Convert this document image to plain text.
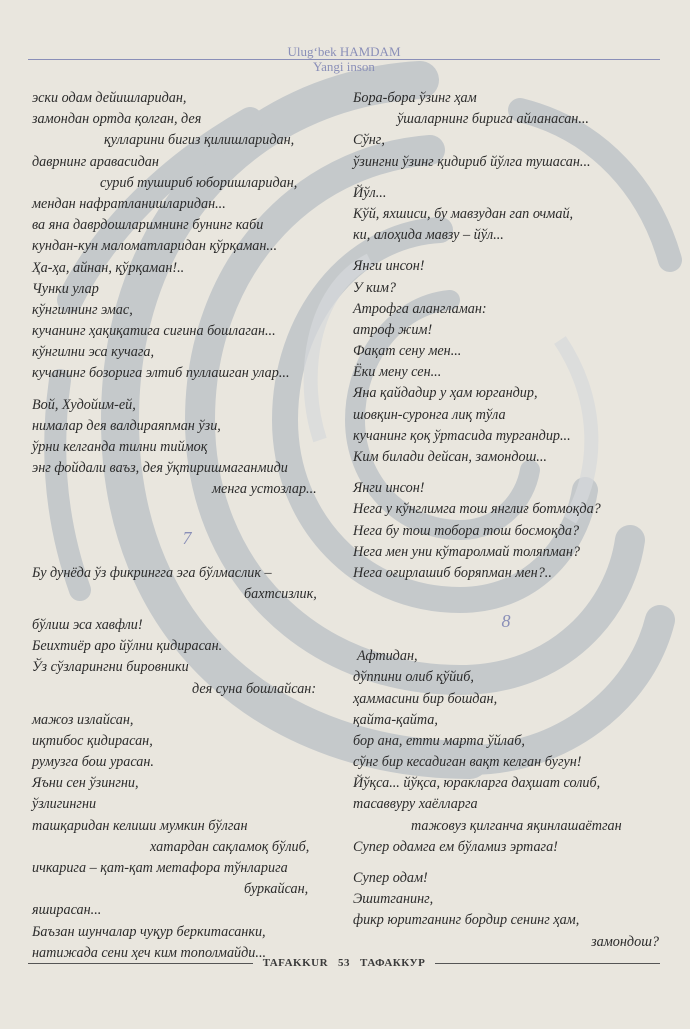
Ulug‘bek HAMDAM
Yangi inson
эски одам дейишларидан,
замондан ортда қолган, дея
қулларини бигиз қилишларидан,
даврнинг аравасидан
суриб тушириб юборишларидан,
мендан нафратланишларидан...
ва яна даврдошларимнинг бунинг каби
кундан-кун маломатларидан қўрқаман...
Ҳа-ҳа, айнан, қўрқаман!..
Чунки улар
кўнгилнинг эмас,
кучанинг ҳақиқатига сиғина бошлаган...
кўнгилни эса кучага,
кучанинг бозорига элтиб пуллашган улар...
Вой, Худойим-ей,
нималар дея валдираяпман ўзи,
ўрни келганда тилни тиймоқ
энг фойдали ваъз, дея ўқтиришмаганмиди
менга устозлар...
7
Бу дунёда ўз фикрингга эга бўлмаслик –
бахтсизлик,
бўлиш эса хавфли!
Беихтиёр аро йўлни қидирасан.
Ўз сўзларингни бировники
дея суна бошлайсан:
мажоз излайсан,
иқтибос қидирасан,
румузга бош урасан.
Яъни сен ўзингни,
ўзлигингни
ташқаридан келиши мумкин бўлган
хатардан сақламоқ бўлиб,
ичкарига – қат-қат метафора тўнларига
буркайсан,
яширасан...
Баъзан шунчалар чуқур беркитасанки,
натижада сени ҳеч ким тополмайди...
Бора-бора ўзинг ҳам
ўшаларнинг бирига айланасан...
Сўнг,
ўзингни ўзинг қидириб йўлга тушасан...
Йўл...
Кўй, яхшиси, бу мавзудан гап очмай,
ки, алоҳида мавзу – йўл...
Янги инсон!
У ким?
Атрофга алангламан:
атроф жим!
Фақат сену мен...
Ёки мену сен...
Яна қайдадир у ҳам юргандир,
шовқин-суронга лиқ тўла
кучанинг қоқ ўртасида тургандир...
Ким билади дейсан, замондош...
Янги инсон!
Нега у кўнглимга тош янглиғ ботмоқда?
Нега бу тош тобора тош босмоқда?
Нега мен уни кўтаролмай толяпман?
Нега оғирлашиб боряпман мен?..
8
Афтидан,
дўппини олиб қўйиб,
ҳаммасини бир бошдан,
қайта-қайта,
бор ана, етти марта ўйлаб,
сўнг бир кесадиган вақт келган бугун!
Йўқса... йўқса, юракларга даҳшат солиб,
тасаввуру хаёлларга
тажовуз қилганча яқинлашаётган
Супер одамга ем бўламиз эртага!
Супер одам!
Эшитганинг,
фикр юритганинг бордир сенинг ҳам,
замондош?
TAFAKKUR 53 ТАФАККУР
